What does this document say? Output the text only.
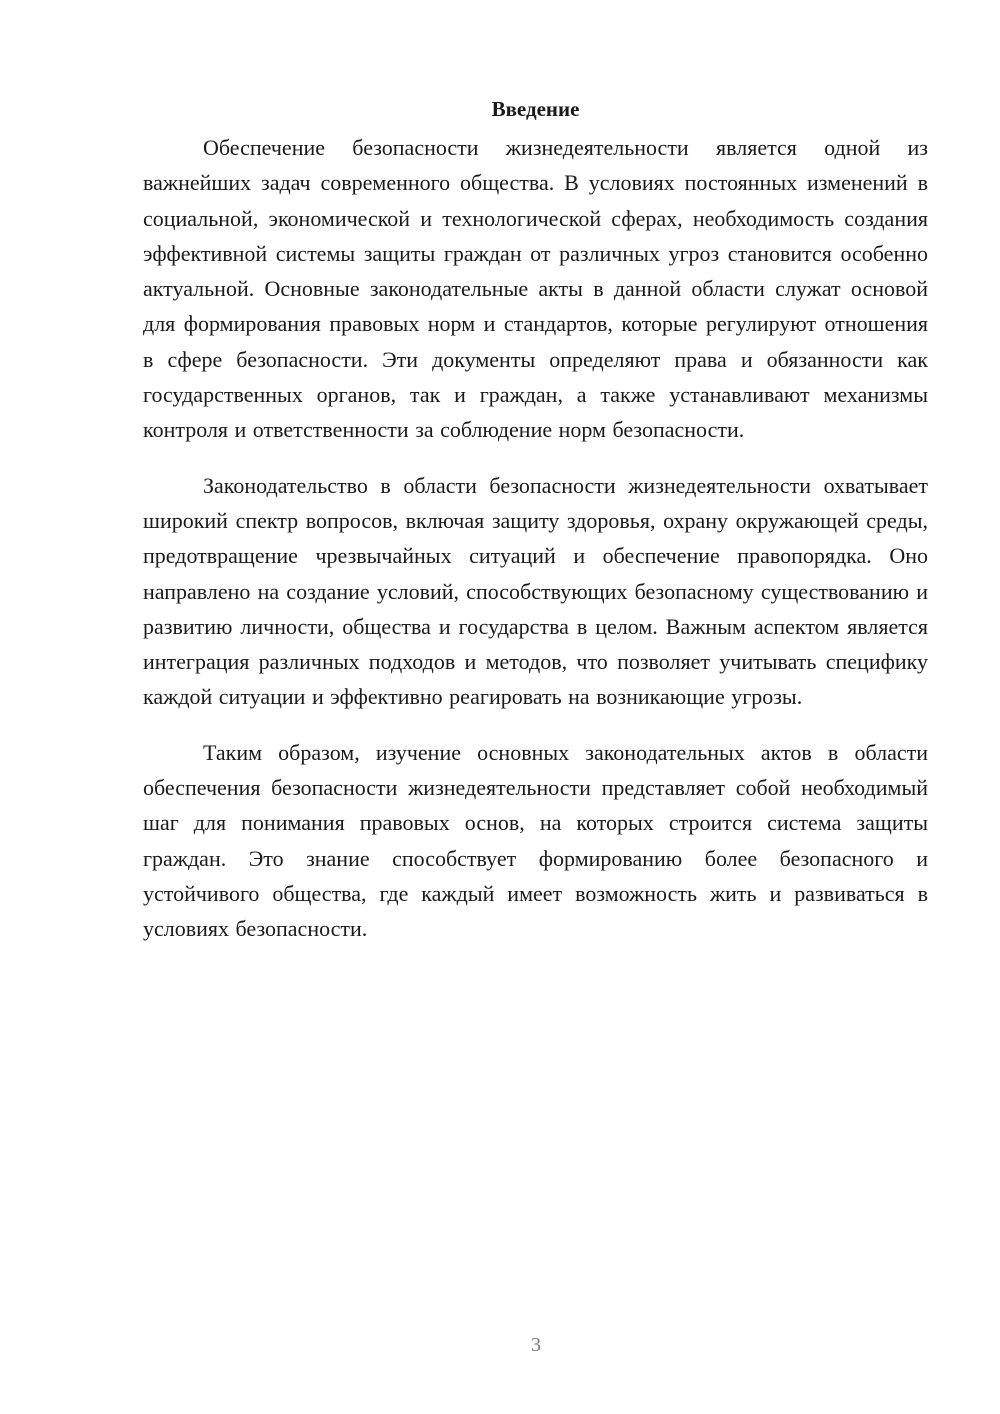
Введение

Обеспечение безопасности жизнедеятельности является одной из важнейших задач современного общества. В условиях постоянных изменений в социальной, экономической и технологической сферах, необходимость создания эффективной системы защиты граждан от различных угроз становится особенно актуальной. Основные законодательные акты в данной области служат основой для формирования правовых норм и стандартов, которые регулируют отношения в сфере безопасности. Эти документы определяют права и обязанности как государственных органов, так и граждан, а также устанавливают механизмы контроля и ответственности за соблюдение норм безопасности.

Законодательство в области безопасности жизнедеятельности охватывает широкий спектр вопросов, включая защиту здоровья, охрану окружающей среды, предотвращение чрезвычайных ситуаций и обеспечение правопорядка. Оно направлено на создание условий, способствующих безопасному существованию и развитию личности, общества и государства в целом. Важным аспектом является интеграция различных подходов и методов, что позволяет учитывать специфику каждой ситуации и эффективно реагировать на возникающие угрозы.

Таким образом, изучение основных законодательных актов в области обеспечения безопасности жизнедеятельности представляет собой необходимый шаг для понимания правовых основ, на которых строится система защиты граждан. Это знание способствует формированию более безопасного и устойчивого общества, где каждый имеет возможность жить и развиваться в условиях безопасности.

3
